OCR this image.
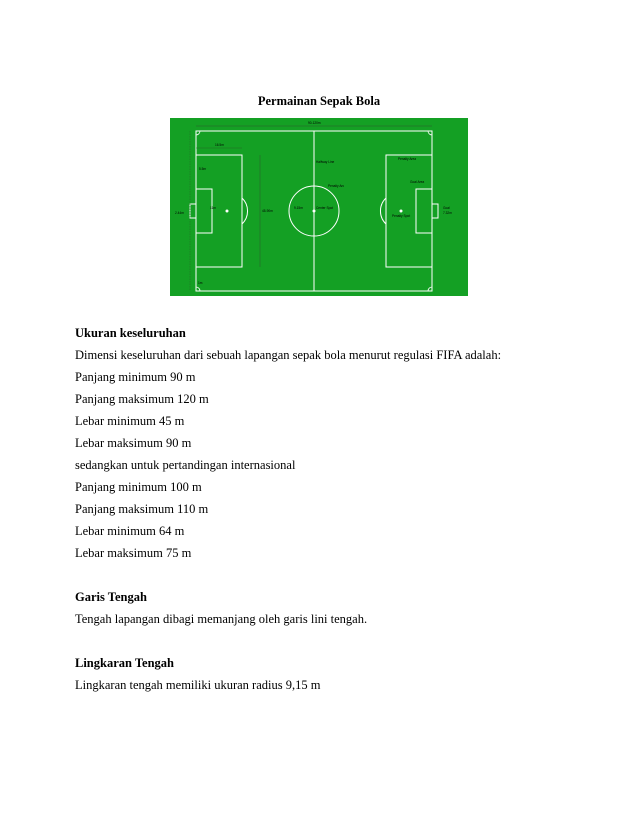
Permainan Sepak Bola
90-120m
16.5m
5.5m
45-90m
9.15m
Halfway Line
Penalty Arc
Center Spot
Penalty Area
Goal Area
Penalty Spot
Goal
7.32m
2.44m
11m
1m
Ukuran keseluruhan
Dimensi keseluruhan dari sebuah lapangan sepak bola menurut regulasi FIFA adalah:
Panjang minimum 90 m
Panjang maksimum 120 m
Lebar minimum 45 m
Lebar maksimum 90 m
sedangkan untuk pertandingan internasional
Panjang minimum 100 m
Panjang maksimum 110 m
Lebar minimum 64 m
Lebar maksimum 75 m
Garis Tengah
Tengah lapangan dibagi memanjang oleh garis lini tengah.
Lingkaran Tengah
Lingkaran tengah memiliki ukuran radius 9,15 m
